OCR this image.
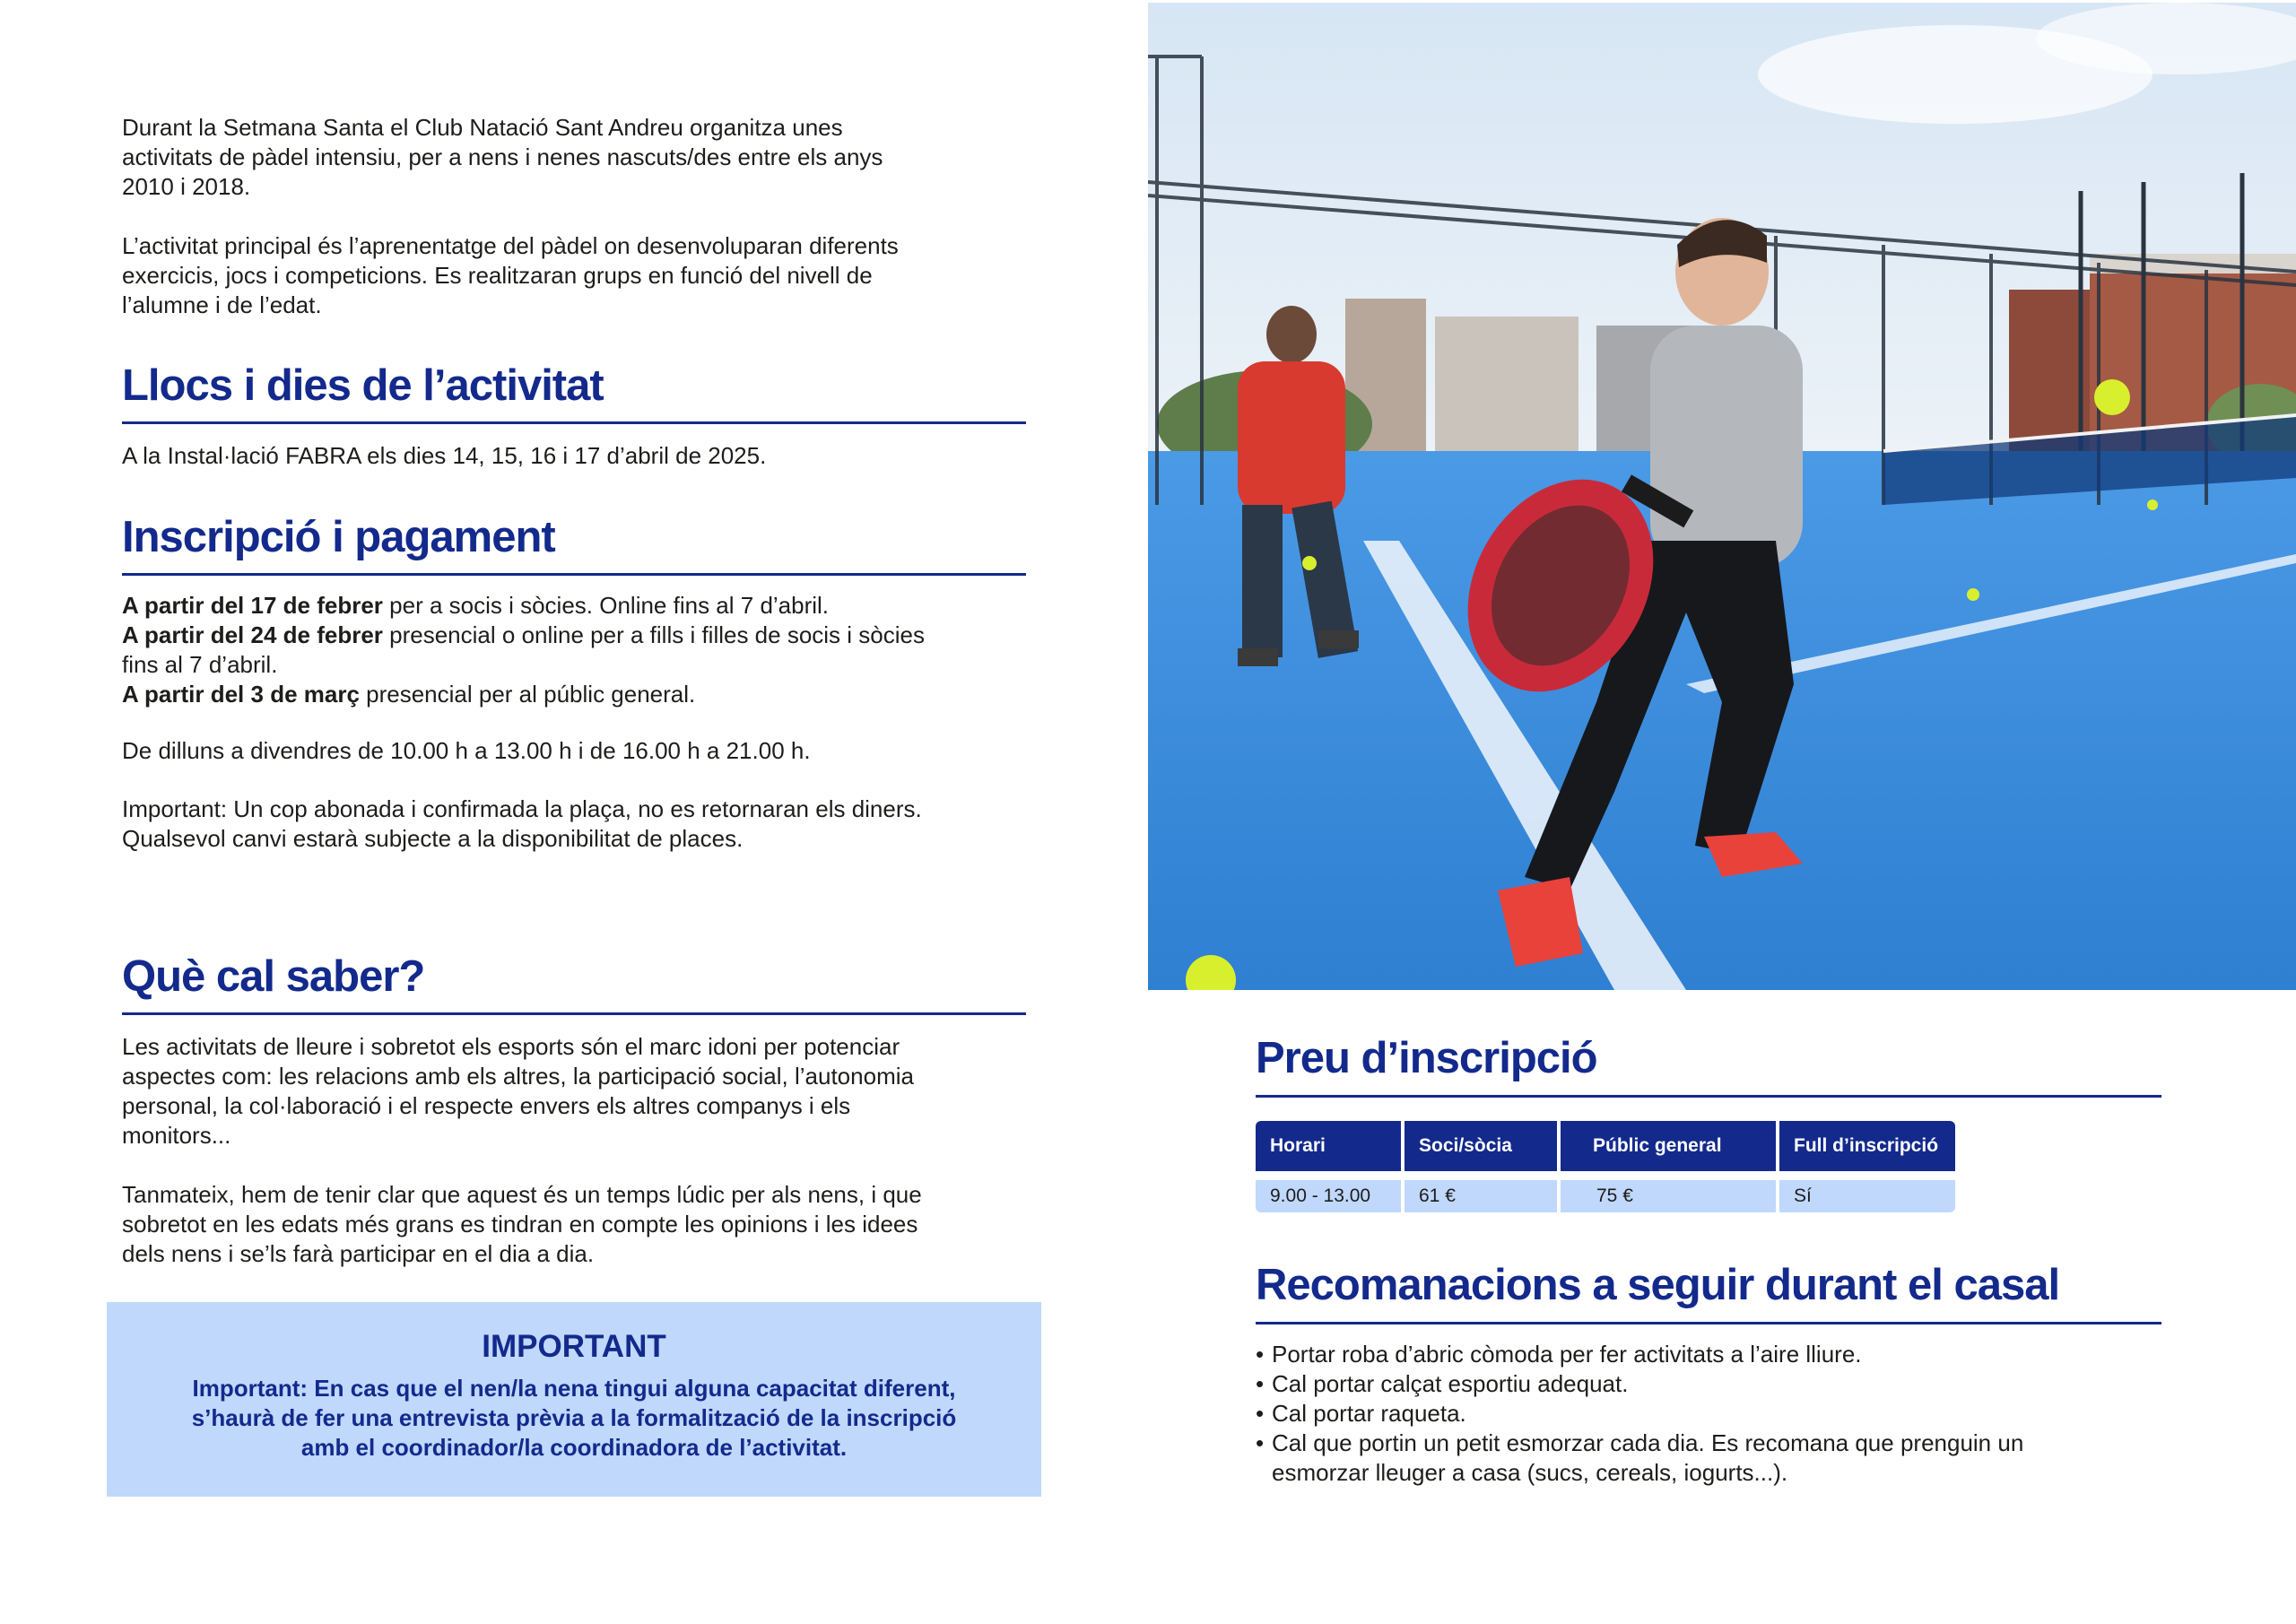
Durant la Setmana Santa el Club Natació Sant Andreu organitza unes
activitats de pàdel intensiu, per a nens i nenes nascuts/des entre els anys
2010 i 2018.

L’activitat principal és l’aprenentatge del pàdel on desenvoluparan diferents
exercicis, jocs i competicions. Es realitzaran grups en funció del nivell de
l’alumne i de l’edat.

Llocs i dies de l’activitat

A la Instal·lació FABRA els dies 14, 15, 16 i 17 d’abril de 2025.

Inscripció i pagament

A partir del 17 de febrer per a socis i sòcies. Online fins al 7 d’abril.
A partir del 24 de febrer presencial o online per a fills i filles de socis i sòcies
fins al 7 d’abril.
A partir del 3 de març presencial per al públic general.

De dilluns a divendres de 10.00 h a 13.00 h i de 16.00 h a 21.00 h.

Important: Un cop abonada i confirmada la plaça, no es retornaran els diners.
Qualsevol canvi estarà subjecte a la disponibilitat de places.

Què cal saber?

Les activitats de lleure i sobretot els esports són el marc idoni per potenciar
aspectes com: les relacions amb els altres, la participació social, l’autonomia
personal, la col·laboració i el respecte envers els altres companys i els
monitors...

Tanmateix, hem de tenir clar que aquest és un temps lúdic per als nens, i que
sobretot en les edats més grans es tindran en compte les opinions i les idees
dels nens i se’ls farà participar en el dia a dia.

IMPORTANT
Important: En cas que el nen/la nena tingui alguna capacitat diferent,
s’haurà de fer una entrevista prèvia a la formalització de la inscripció
amb el coordinador/la coordinadora de l’activitat.
Preu d’inscripció
Horari	Soci/sòcia	Públic general	Full d’inscripció
9.00 - 13.00	61 €	75 €	Sí
Recomanacions a seguir durant el casal
• Portar roba d’abric còmoda per fer activitats a l’aire lliure.
• Cal portar calçat esportiu adequat.
• Cal portar raqueta.
• Cal que portin un petit esmorzar cada dia. Es recomana que prenguin un
esmorzar lleuger a casa (sucs, cereals, iogurts...).
